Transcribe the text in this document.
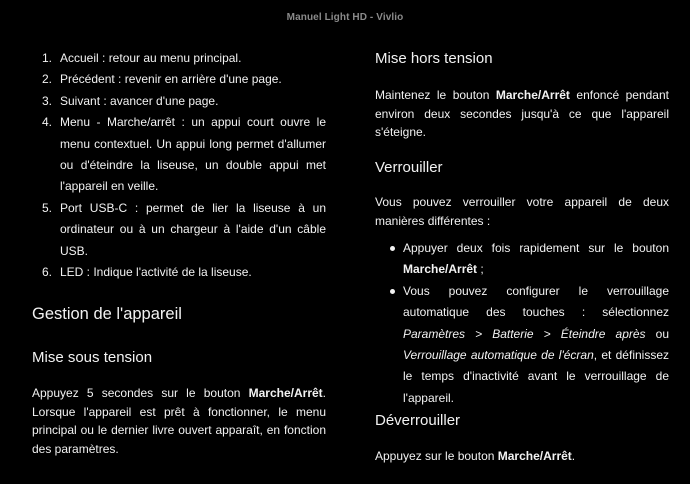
Manuel Light HD - Vivlio
1. Accueil : retour au menu principal.
2. Précédent : revenir en arrière d'une page.
3. Suivant : avancer d'une page.
4. Menu - Marche/arrêt : un appui court ouvre le menu contextuel. Un appui long permet d'allumer ou d'éteindre la liseuse, un double appui met l'appareil en veille.
5. Port USB-C : permet de lier la liseuse à un ordinateur ou à un chargeur à l'aide d'un câble USB.
6. LED : Indique l'activité de la liseuse.
Gestion de l'appareil
Mise sous tension

Appuyez 5 secondes sur le bouton Marche/Arrêt. Lorsque l'appareil est prêt à fonctionner, le menu principal ou le dernier livre ouvert apparaît, en fonction des paramètres.

Mise hors tension

Maintenez le bouton Marche/Arrêt enfoncé pendant environ deux secondes jusqu'à ce que l'appareil s'éteigne.

Verrouiller

Vous pouvez verrouiller votre appareil de deux manières différentes :

Appuyer deux fois rapidement sur le bouton Marche/Arrêt ;
Vous pouvez configurer le verrouillage automatique des touches : sélectionnez Paramètres > Batterie > Éteindre après ou Verrouillage automatique de l'écran, et définissez le temps d'inactivité avant le verrouillage de l'appareil.
Déverrouiller

Appuyez sur le bouton Marche/Arrêt.
